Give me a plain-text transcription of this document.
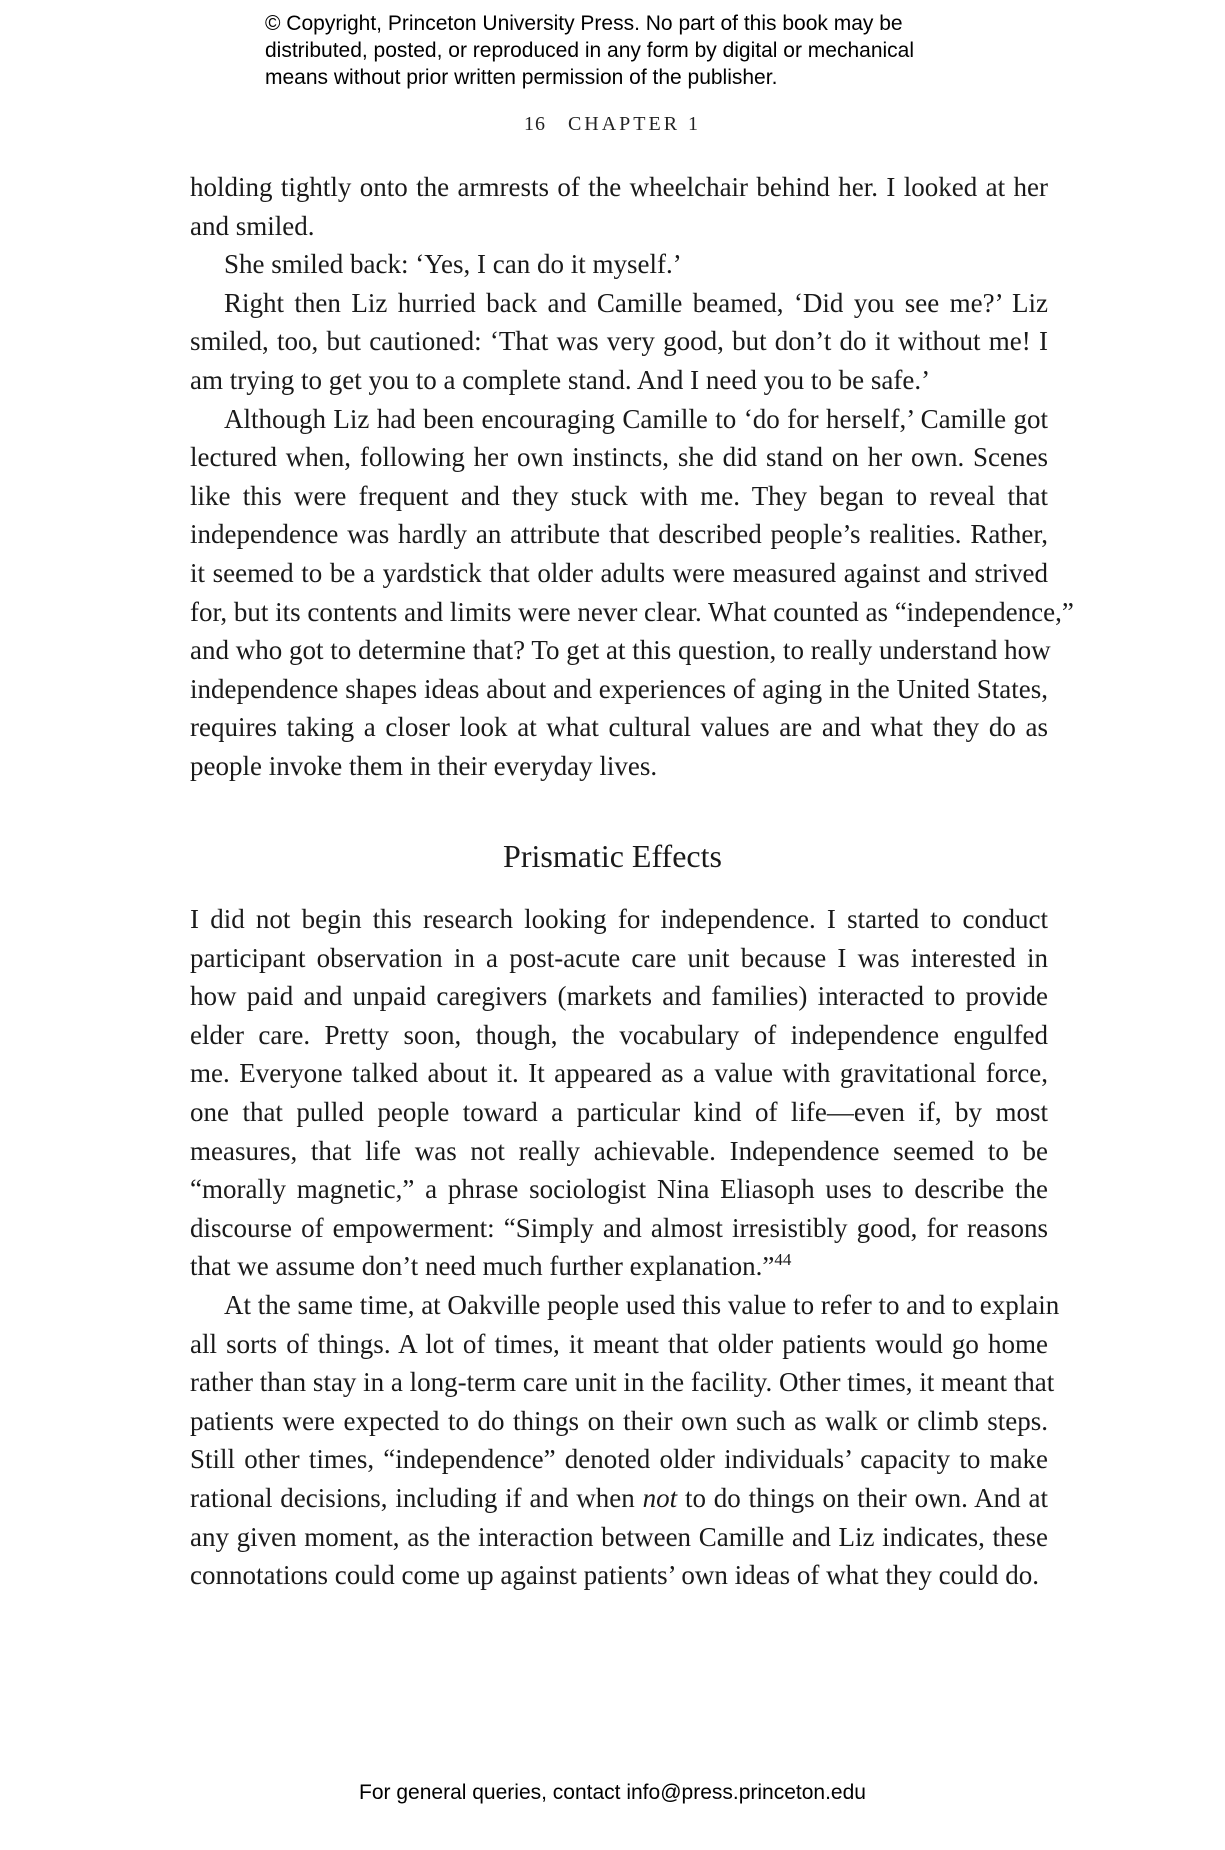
© Copyright, Princeton University Press. No part of this book may be
distributed, posted, or reproduced in any form by digital or mechanical
means without prior written permission of the publisher.
16 CHAPTER 1
holding tightly onto the armrests of the wheelchair behind her. I looked at her
and smiled.
She smiled back: ‘Yes, I can do it myself.’
Right then Liz hurried back and Camille beamed, ‘Did you see me?’ Liz
smiled, too, but cautioned: ‘That was very good, but don’t do it without me! I
am trying to get you to a complete stand. And I need you to be safe.’
Although Liz had been encouraging Camille to ‘do for herself,’ Camille got
lectured when, following her own instincts, she did stand on her own. Scenes
like this were frequent and they stuck with me. They began to reveal that
independence was hardly an attribute that described people’s realities. Rather,
it seemed to be a yardstick that older adults were measured against and strived
for, but its contents and limits were never clear. What counted as “independence,”
and who got to determine that? To get at this question, to really understand how
independence shapes ideas about and experiences of aging in the United States,
requires taking a closer look at what cultural values are and what they do as
people invoke them in their everyday lives.
Prismatic Effects
I did not begin this research looking for independence. I started to conduct
participant observation in a post-acute care unit because I was interested in
how paid and unpaid caregivers (markets and families) interacted to provide
elder care. Pretty soon, though, the vocabulary of independence engulfed
me. Everyone talked about it. It appeared as a value with gravitational force,
one that pulled people toward a particular kind of life—even if, by most
measures, that life was not really achievable. Independence seemed to be
“morally magnetic,” a phrase sociologist Nina Eliasoph uses to describe the
discourse of empowerment: “Simply and almost irresistibly good, for reasons
that we assume don’t need much further explanation.”$^{44}$
At the same time, at Oakville people used this value to refer to and to explain
all sorts of things. A lot of times, it meant that older patients would go home
rather than stay in a long-term care unit in the facility. Other times, it meant that
patients were expected to do things on their own such as walk or climb steps.
Still other times, “independence” denoted older individuals’ capacity to make
rational decisions, including if and when not to do things on their own. And at
any given moment, as the interaction between Camille and Liz indicates, these
connotations could come up against patients’ own ideas of what they could do.
For general queries, contact info@press.princeton.edu
